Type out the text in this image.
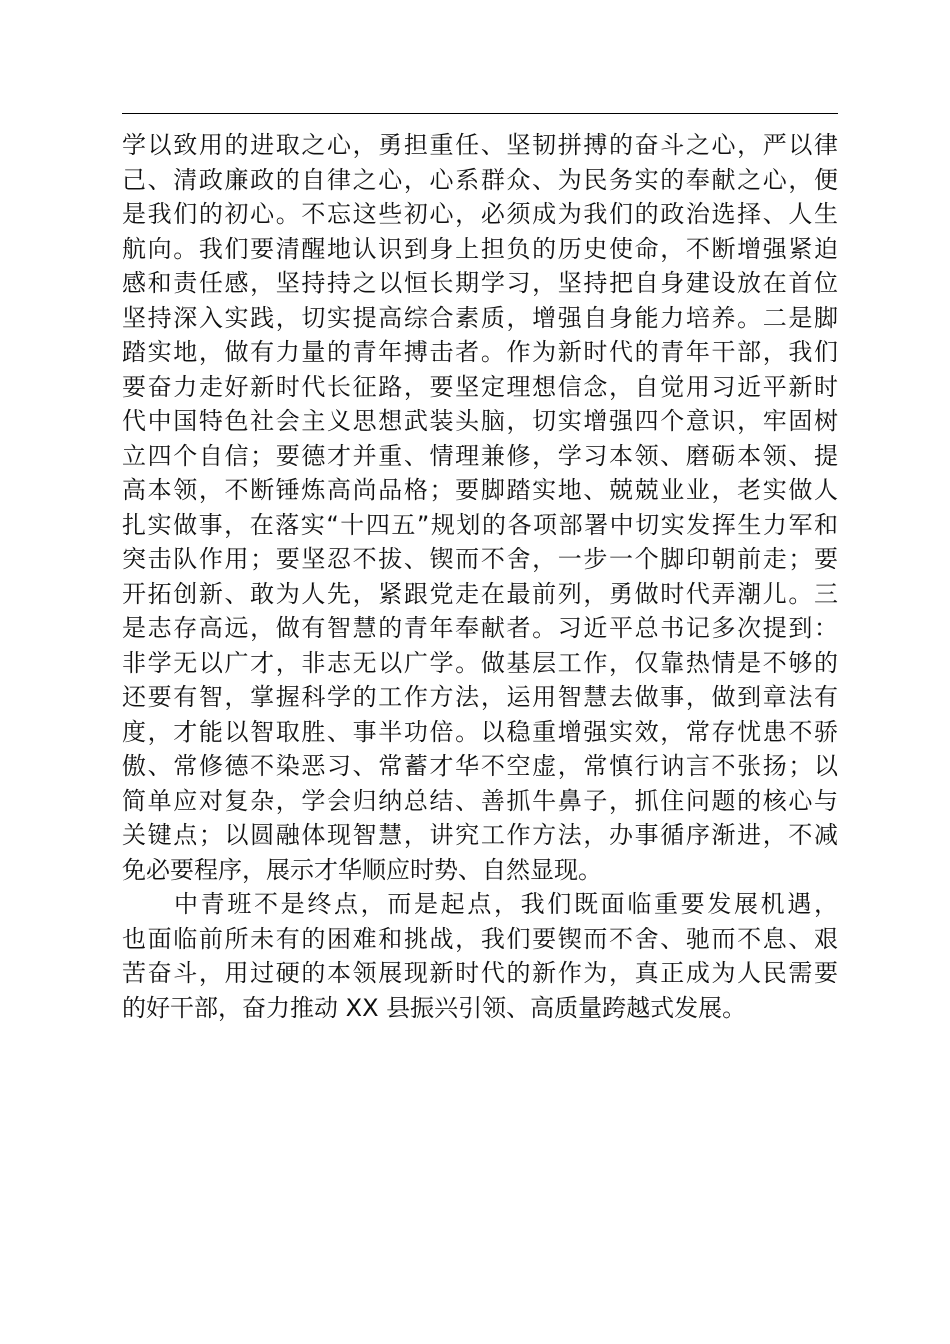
学以致用的进取之心，勇担重任、坚韧拼搏的奋斗之心，严以律
己、清政廉政的自律之心，心系群众、为民务实的奉献之心，便
是我们的初心。不忘这些初心，必须成为我们的政治选择、人生
航向。我们要清醒地认识到身上担负的历史使命，不断增强紧迫
感和责任感，坚持持之以恒长期学习，坚持把自身建设放在首位
坚持深入实践，切实提高综合素质，增强自身能力培养。二是脚
踏实地，做有力量的青年搏击者。作为新时代的青年干部，我们
要奋力走好新时代长征路，要坚定理想信念，自觉用习近平新时
代中国特色社会主义思想武装头脑，切实增强四个意识，牢固树
立四个自信；要德才并重、情理兼修，学习本领、磨砺本领、提
高本领，不断锤炼高尚品格；要脚踏实地、兢兢业业，老实做人
扎实做事，在落实“十四五”规划的各项部署中切实发挥生力军和
突击队作用；要坚忍不拔、锲而不舍，一步一个脚印朝前走；要
开拓创新、敢为人先，紧跟党走在最前列，勇做时代弄潮儿。三
是志存高远，做有智慧的青年奉献者。习近平总书记多次提到：
非学无以广才，非志无以广学。做基层工作，仅靠热情是不够的
还要有智，掌握科学的工作方法，运用智慧去做事，做到章法有
度，才能以智取胜、事半功倍。以稳重增强实效，常存忧患不骄
傲、常修德不染恶习、常蓄才华不空虚，常慎行讷言不张扬；以
简单应对复杂，学会归纳总结、善抓牛鼻子，抓住问题的核心与
关键点；以圆融体现智慧，讲究工作方法，办事循序渐进，不减
免必要程序，展示才华顺应时势、自然显现。
中青班不是终点，而是起点，我们既面临重要发展机遇，
也面临前所未有的困难和挑战，我们要锲而不舍、驰而不息、艰
苦奋斗，用过硬的本领展现新时代的新作为，真正成为人民需要
的好干部，奋力推动 XX 县振兴引领、高质量跨越式发展。
